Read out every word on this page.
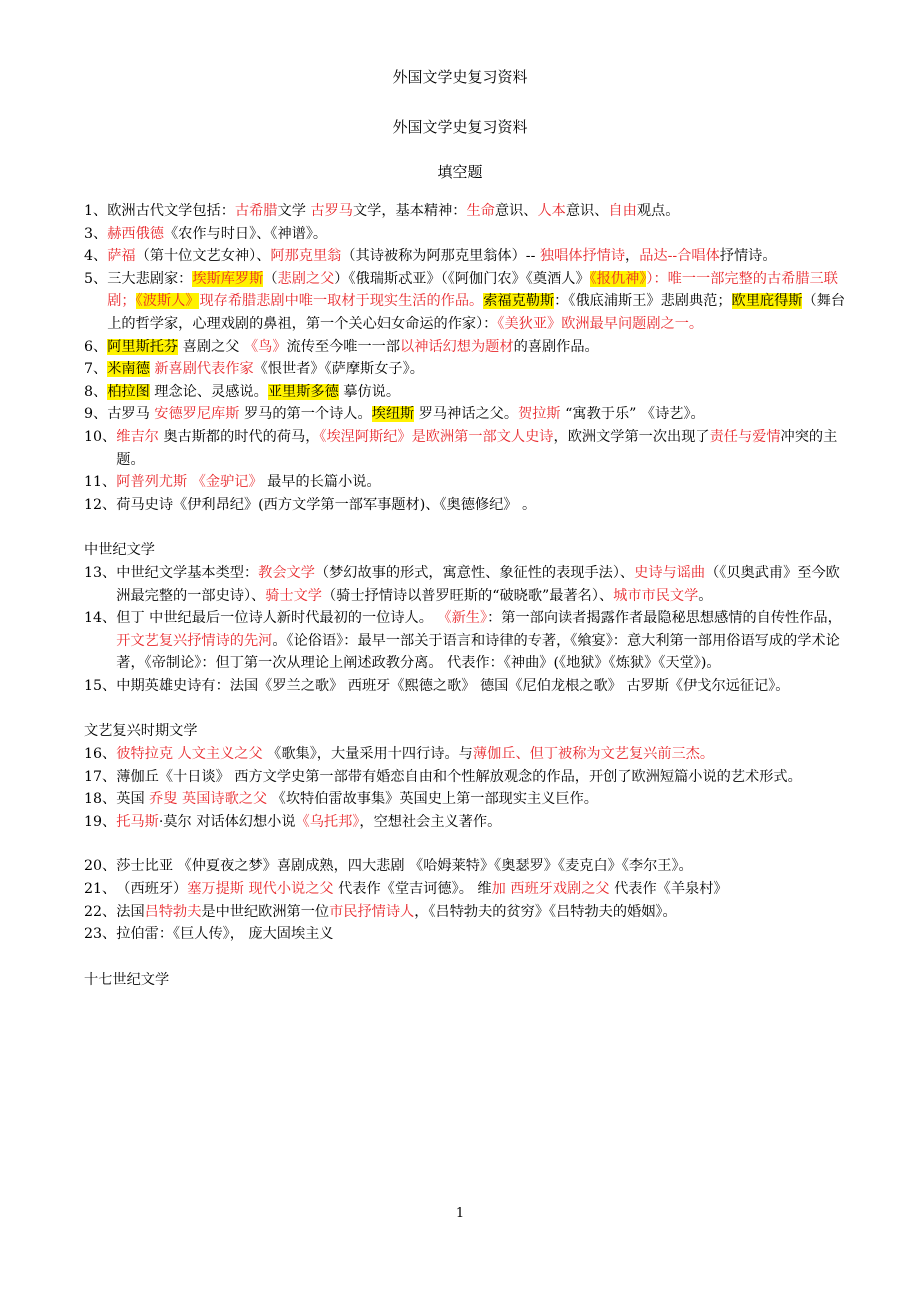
外国文学史复习资料
外国文学史复习资料
填空题
1、 欧洲古代文学包括：古希腊文学 古罗马文学，基本精神：生命意识、人本意识、自由观点。
3、 赫西俄德《农作与时日》、《神谱》。
4、 萨福（第十位文艺女神）、阿那克里翁（其诗被称为阿那克里翁体）-- 独唱体抒情诗，品达--合唱体抒情诗。
5、 三大悲剧家：埃斯库罗斯（悲剧之父）《俄瑞斯忒亚》（《阿伽门农》《奠酒人》《报仇神》）：唯一一部完整的古希腊三联剧；《波斯人》现存希腊悲剧中唯一取材于现实生活的作品。索福克勒斯：《俄底浦斯王》悲剧典范；欧里庇得斯（舞台上的哲学家，心理戏剧的鼻祖，第一个关心妇女命运的作家）：《美狄亚》欧洲最早问题剧之一。
6、 阿里斯托芬 喜剧之父 《鸟》流传至今唯一一部以神话幻想为题材的喜剧作品。
7、 米南德 新喜剧代表作家《恨世者》《萨摩斯女子》。
8、 柏拉图 理念论、灵感说。亚里斯多德 摹仿说。
9、 古罗马 安德罗尼库斯 罗马的第一个诗人。埃纽斯 罗马神话之父。贺拉斯 “寓教于乐” 《诗艺》。
10、 维吉尔 奥古斯都的时代的荷马，《埃涅阿斯纪》是欧洲第一部文人史诗，欧洲文学第一次出现了责任与爱情冲突的主题。
11、 阿普列尤斯 《金驴记》 最早的长篇小说。
12、 荷马史诗《伊利昂纪》(西方文学第一部军事题材)、《奥德修纪》 。
中世纪文学
13、 中世纪文学基本类型：教会文学（梦幻故事的形式，寓意性、象征性的表现手法）、史诗与谣曲（《贝奥武甫》至今欧洲最完整的一部史诗）、骑士文学（骑士抒情诗以普罗旺斯的“破晓歌”最著名）、城市市民文学。
14、 但丁 中世纪最后一位诗人新时代最初的一位诗人。 《新生》：第一部向读者揭露作者最隐秘思想感情的自传性作品，开文艺复兴抒情诗的先河。《论俗语》：最早一部关于语言和诗律的专著，《飨宴》：意大利第一部用俗语写成的学术论著，《帝制论》：但丁第一次从理论上阐述政教分离。 代表作：《神曲》(《地狱》《炼狱》《天堂》)。
15、 中期英雄史诗有：法国《罗兰之歌》 西班牙《熙德之歌》 德国《尼伯龙根之歌》 古罗斯《伊戈尔远征记》。
文艺复兴时期文学
16、 彼特拉克 人文主义之父 《歌集》，大量采用十四行诗。与薄伽丘、但丁被称为文艺复兴前三杰。
17、 薄伽丘《十日谈》 西方文学史第一部带有婚恋自由和个性解放观念的作品，开创了欧洲短篇小说的艺术形式。
18、 英国 乔叟 英国诗歌之父 《坎特伯雷故事集》英国史上第一部现实主义巨作。
19、 托马斯·莫尔 对话体幻想小说《乌托邦》，空想社会主义著作。
20、 莎士比亚 《仲夏夜之梦》喜剧成熟，四大悲剧 《哈姆莱特》《奥瑟罗》《麦克白》《李尔王》。
21、 （西班牙）塞万提斯 现代小说之父 代表作《堂吉诃德》。 维加 西班牙戏剧之父 代表作《羊泉村》
22、 法国吕特勃夫是中世纪欧洲第一位市民抒情诗人，《吕特勃夫的贫穷》《吕特勃夫的婚姻》。
23、 拉伯雷：《巨人传》， 庞大固埃主义
十七世纪文学
1
